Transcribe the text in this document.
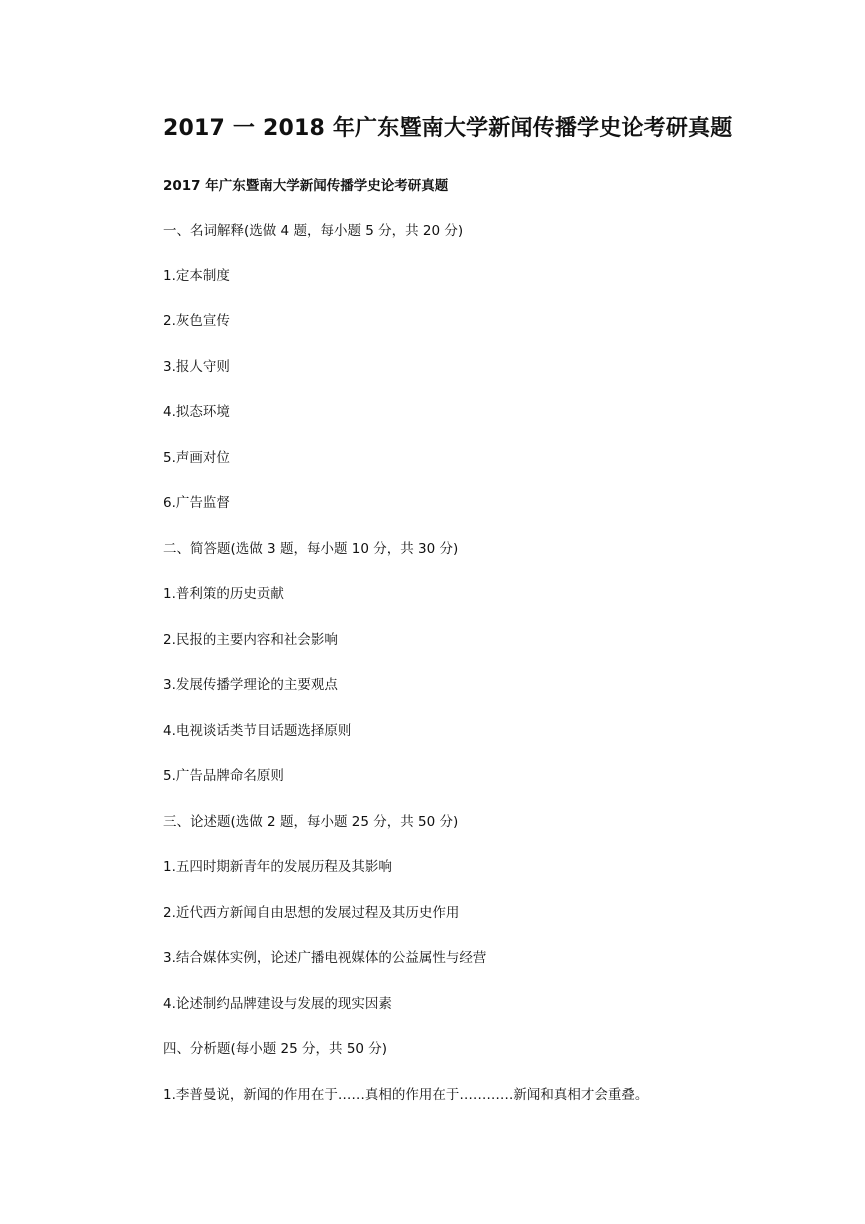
2017 一 2018 年广东暨南大学新闻传播学史论考研真题
2017 年广东暨南大学新闻传播学史论考研真题

一、名词解释(选做 4 题，每小题 5 分，共 20 分)

1.定本制度

2.灰色宣传

3.报人守则

4.拟态环境

5.声画对位

6.广告监督

二、简答题(选做 3 题，每小题 10 分，共 30 分)

1.普利策的历史贡献

2.民报的主要内容和社会影响

3.发展传播学理论的主要观点

4.电视谈话类节目话题选择原则

5.广告品牌命名原则

三、论述题(选做 2 题，每小题 25 分，共 50 分)

1.五四时期新青年的发展历程及其影响

2.近代西方新闻自由思想的发展过程及其历史作用

3.结合媒体实例，论述广播电视媒体的公益属性与经营

4.论述制约品牌建设与发展的现实因素

四、分析题(每小题 25 分，共 50 分)

1.李普曼说，新闻的作用在于……真相的作用在于…………新闻和真相才会重叠。
